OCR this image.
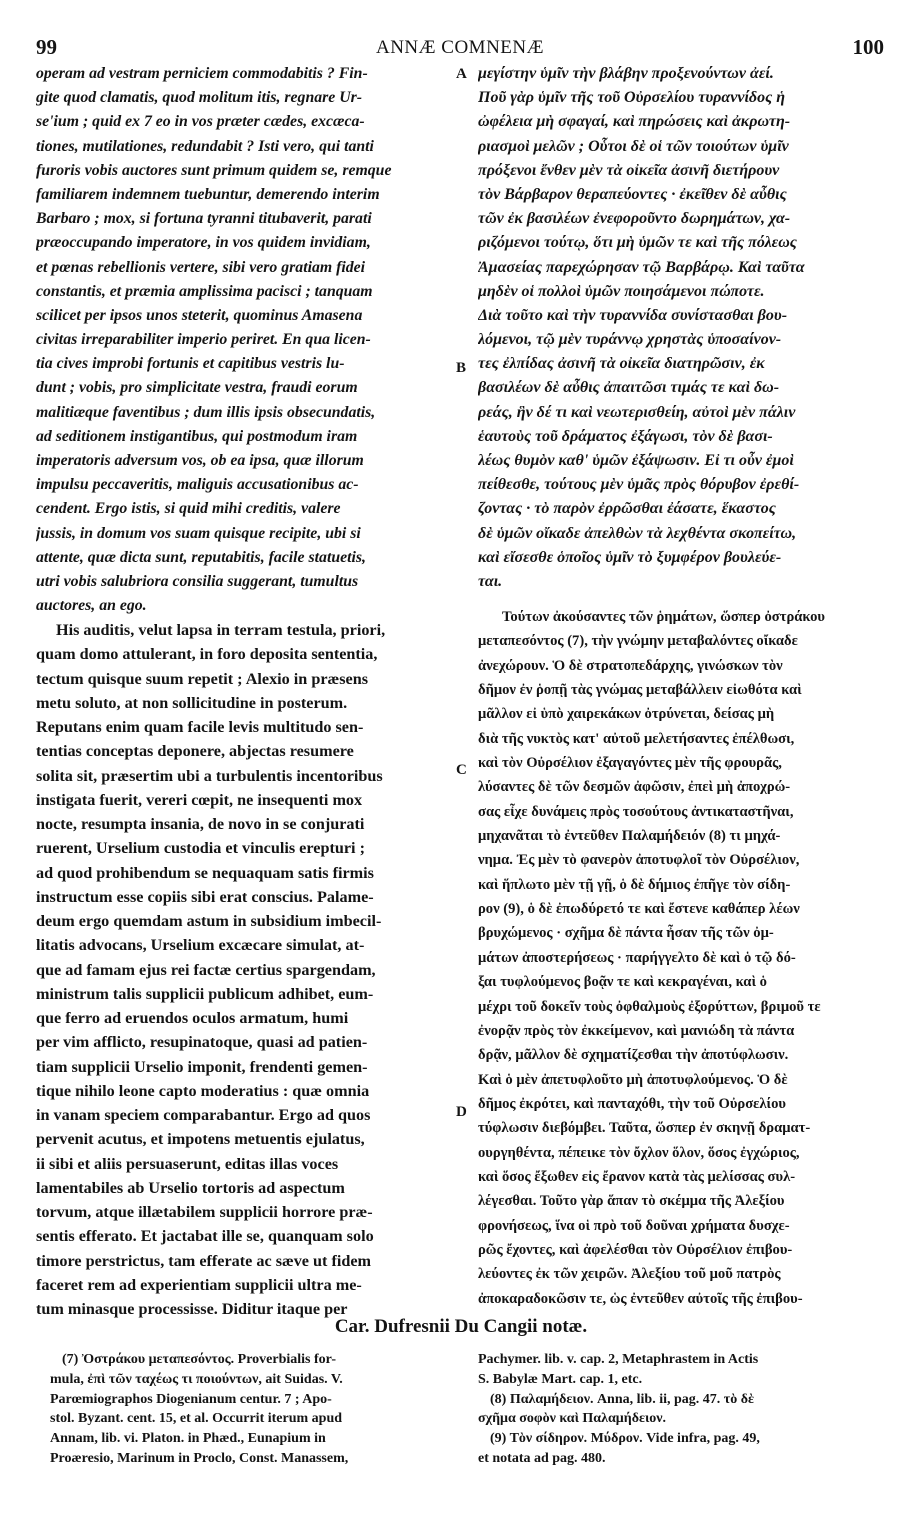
99	ANNÆ COMNENÆ	100
operam ad vestram perniciem commodabitis ? Fin-
gite quod clamatis, quod molitum itis, regnare Ur-
se'ium ; quid ex 7 eo in vos præter cædes, excæca-
tiones, mutilationes, redundabit ? Isti vero, qui tanti
furoris vobis auctores sunt primum quidem se, remque
familiarem indemnem tuebuntur, demerendo interim
Barbaro ; mox, si fortuna tyranni titubaverit, parati
præoccupando imperatore, in vos quidem invidiam,
et pœnas rebellionis vertere, sibi vero gratiam fidei
constantis, et præmia amplissima pacisci ; tanquam
scilicet per ipsos unos steterit, quominus Amasena
civitas irreparabiliter imperio periret. En qua licen-
tia cives improbi fortunis et capitibus vestris lu-
dunt ; vobis, pro simplicitate vestra, fraudi eorum
malitiæque faventibus ; dum illis ipsis obsecundatis,
ad seditionem instigantibus, qui postmodum iram
imperatoris adversum vos, ob ea ipsa, quæ illorum
impulsu peccaveritis, maliguis accusationibus ac-
cendent. Ergo istis, si quid mihi creditis, valere
jussis, in domum vos suam quisque recipite, ubi si
attente, quæ dicta sunt, reputabitis, facile statuetis,
utri vobis salubriora consilia suggerant, tumultus
auctores, an ego.
His auditis, velut lapsa in terram testula, priori,
quam domo attulerant, in foro deposita sententia,
tectum quisque suum repetit ; Alexio in præsens
metu soluto, at non sollicitudine in posterum.
Reputans enim quam facile levis multitudo sen-
tentias conceptas deponere, abjectas resumere
solita sit, præsertim ubi a turbulentis incentoribus
instigata fuerit, vereri cœpit, ne insequenti mox
nocte, resumpta insania, de novo in se conjurati
ruerent, Urselium custodia et vinculis erepturi ;
ad quod prohibendum se nequaquam satis firmis
instructum esse copiis sibi erat conscius. Palame-
deum ergo quemdam astum in subsidium imbecil-
litatis advocans, Urselium excæcare simulat, at-
que ad famam ejus rei factæ certius spargendam,
ministrum talis supplicii publicum adhibet, eum-
que ferro ad eruendos oculos armatum, humi
per vim afflicto, resupinatoque, quasi ad patien-
tiam supplicii Urselio imponit, frendenti gemen-
tique nihilo leone capto moderatius : quæ omnia
in vanam speciem comparabantur. Ergo ad quos
pervenit acutus, et impotens metuentis ejulatus,
ii sibi et aliis persuaserunt, editas illas voces
lamentabiles ab Urselio tortoris ad aspectum
torvum, atque illætabilem supplicii horrore præ-
sentis efferato. Et jactabat ille se, quanquam solo
timore perstrictus, tam efferate ac sæve ut fidem
faceret rem ad experientiam supplicii ultra me-
tum minasque processisse. Diditur itaque per
A
B
C
D
μεγίστην ὑμῖν τὴν βλάβην προξενούντων ἀεί.
Ποῦ γὰρ ὑμῖν τῆς τοῦ Οὐρσελίου τυραννίδος ἡ
ὠφέλεια μὴ σφαγαί, καὶ πηρώσεις καὶ ἀκρωτη-
ριασμοὶ μελῶν ; Οὗτοι δὲ οἱ τῶν τοιούτων ὑμῖν
πρόξενοι ἔνθεν μὲν τὰ οἰκεῖα ἀσινῆ διετήρουν
τὸν Βάρβαρον θεραπεύοντες · ἐκεῖθεν δὲ αὖθις
τῶν ἐκ βασιλέων ἐνεφοροῦντο δωρημάτων, χα-
ριζόμενοι τούτῳ, ὅτι μὴ ὑμῶν τε καὶ τῆς πόλεως
Ἀμασείας παρεχώρησαν τῷ Βαρβάρῳ. Καὶ ταῦτα
μηδὲν οἱ πολλοὶ ὑμῶν ποιησάμενοι πώποτε.
Διὰ τοῦτο καὶ τὴν τυραννίδα συνίστασθαι βου-
λόμενοι, τῷ μὲν τυράννῳ χρηστὰς ὑποσαίνον-
τες ἐλπίδας ἀσινῆ τὰ οἰκεῖα διατηρῶσιν, ἐκ
βασιλέων δὲ αὖθις ἀπαιτῶσι τιμάς τε καὶ δω-
ρεάς, ἣν δέ τι καὶ νεωτερισθείη, αὐτοὶ μὲν πάλιν
ἑαυτοὺς τοῦ δράματος ἐξάγωσι, τὸν δὲ βασι-
λέως θυμὸν καθ' ὑμῶν ἐξάψωσιν. Εἰ τι οὖν ἐμοὶ
πείθεσθε, τούτους μὲν ὑμᾶς πρὸς θόρυβον ἐρεθί-
ζοντας · τὸ παρὸν ἐρρῶσθαι ἐάσατε, ἕκαστος
δὲ ὑμῶν οἴκαδε ἀπελθὼν τὰ λεχθέντα σκοπείτω,
καὶ εἴσεσθε ὁποῖος ὑμῖν τὸ ξυμφέρον βουλεύε-
ται.
Τούτων ἀκούσαντες τῶν ῥημάτων, ὥσπερ ὀστράκου
μεταπεσόντος (7), τὴν γνώμην μεταβαλόντες οἴκαδε
ἀνεχώρουν. Ὁ δὲ στρατοπεδάρχης, γινώσκων τὸν
δῆμον ἐν ῥοπῇ τὰς γνώμας μεταβάλλειν εἰωθότα καὶ
μᾶλλον εἰ ὑπὸ χαιρεκάκων ὀτρύνεται, δείσας μὴ
διὰ τῆς νυκτὸς κατ' αὐτοῦ μελετήσαντες ἐπέλθωσι,
καὶ τὸν Οὐρσέλιον ἐξαγαγόντες μὲν τῆς φρουρᾶς,
λύσαντες δὲ τῶν δεσμῶν ἀφῶσιν, ἐπεὶ μὴ ἀποχρώ-
σας εἶχε δυνάμεις πρὸς τοσούτους ἀντικαταστῆναι,
μηχανᾶται τὸ ἐντεῦθεν Παλαμήδειόν (8) τι μηχά-
νημα. Ἐς μὲν τὸ φανερὸν ἀποτυφλοῖ τὸν Οὐρσέλιον,
καὶ ἥπλωτο μὲν τῇ γῇ, ὁ δὲ δήμιος ἐπῆγε τὸν σίδη-
ρον (9), ὁ δὲ ἐπωδύρετό τε καὶ ἔστενε καθάπερ λέων
βρυχώμενος · σχῆμα δὲ πάντα ἦσαν τῆς τῶν ὀμ-
μάτων ἀποστερήσεως · παρήγγελτο δὲ καὶ ὁ τῷ δό-
ξαι τυφλούμενος βοᾷν τε καὶ κεκραγέναι, καὶ ὁ
μέχρι τοῦ δοκεῖν τοὺς ὀφθαλμοὺς ἐξορύττων, βριμοῦ τε
ἐνορᾷν πρὸς τὸν ἐκκείμενον, καὶ μανιώδη τὰ πάντα
δρᾷν, μᾶλλον δὲ σχηματίζεσθαι τὴν ἀποτύφλωσιν.
Καὶ ὁ μὲν ἀπετυφλοῦτο μὴ ἀποτυφλούμενος. Ὁ δὲ
δῆμος ἐκρότει, καὶ πανταχόθι, τὴν τοῦ Οὐρσελίου
τύφλωσιν διεβόμβει. Ταῦτα, ὥσπερ ἐν σκηνῇ δραματ-
ουργηθέντα, πέπεικε τὸν ὄχλον ὅλον, ὅσος ἐγχώριος,
καὶ ὅσος ἔξωθεν εἰς ἔρανον κατὰ τὰς μελίσσας συλ-
λέγεσθαι. Τοῦτο γὰρ ἅπαν τὸ σκέμμα τῆς Ἀλεξίου
φρονήσεως, ἵνα οἱ πρὸ τοῦ δοῦναι χρήματα δυσχε-
ρῶς ἔχοντες, καὶ ἀφελέσθαι τὸν Οὐρσέλιον ἐπιβου-
λεύοντες ἐκ τῶν χειρῶν. Ἀλεξίου τοῦ μοῦ πατρὸς
ἀποκαραδοκῶσιν τε, ὡς ἐντεῦθεν αὐτοῖς τῆς ἐπιβου-
Car. Dufresnii Du Cangii notæ.
(7) Ὀστράκου μεταπεσόντος. Proverbialis for-
mula, ἐπὶ τῶν ταχέως τι ποιούντων, ait Suidas. V.
Parœmiographos Diogenianum centur. 7 ; Apo-
stol. Byzant. cent. 15, et al. Occurrit iterum apud
Annam, lib. vi. Platon. in Phæd., Eunapium in
Proæresio, Marinum in Proclo, Const. Manassem,
Pachymer. lib. v. cap. 2, Metaphrastem in Actis
S. Babylæ Mart. cap. 1, etc.
(8) Παλαμήδειον. Anna, lib. ii, pag. 47. τὸ δὲ
σχῆμα σοφὸν καὶ Παλαμήδειον.
(9) Τὸν σίδηρον. Μύδρον. Vide infra, pag. 49,
et notata ad pag. 480.
